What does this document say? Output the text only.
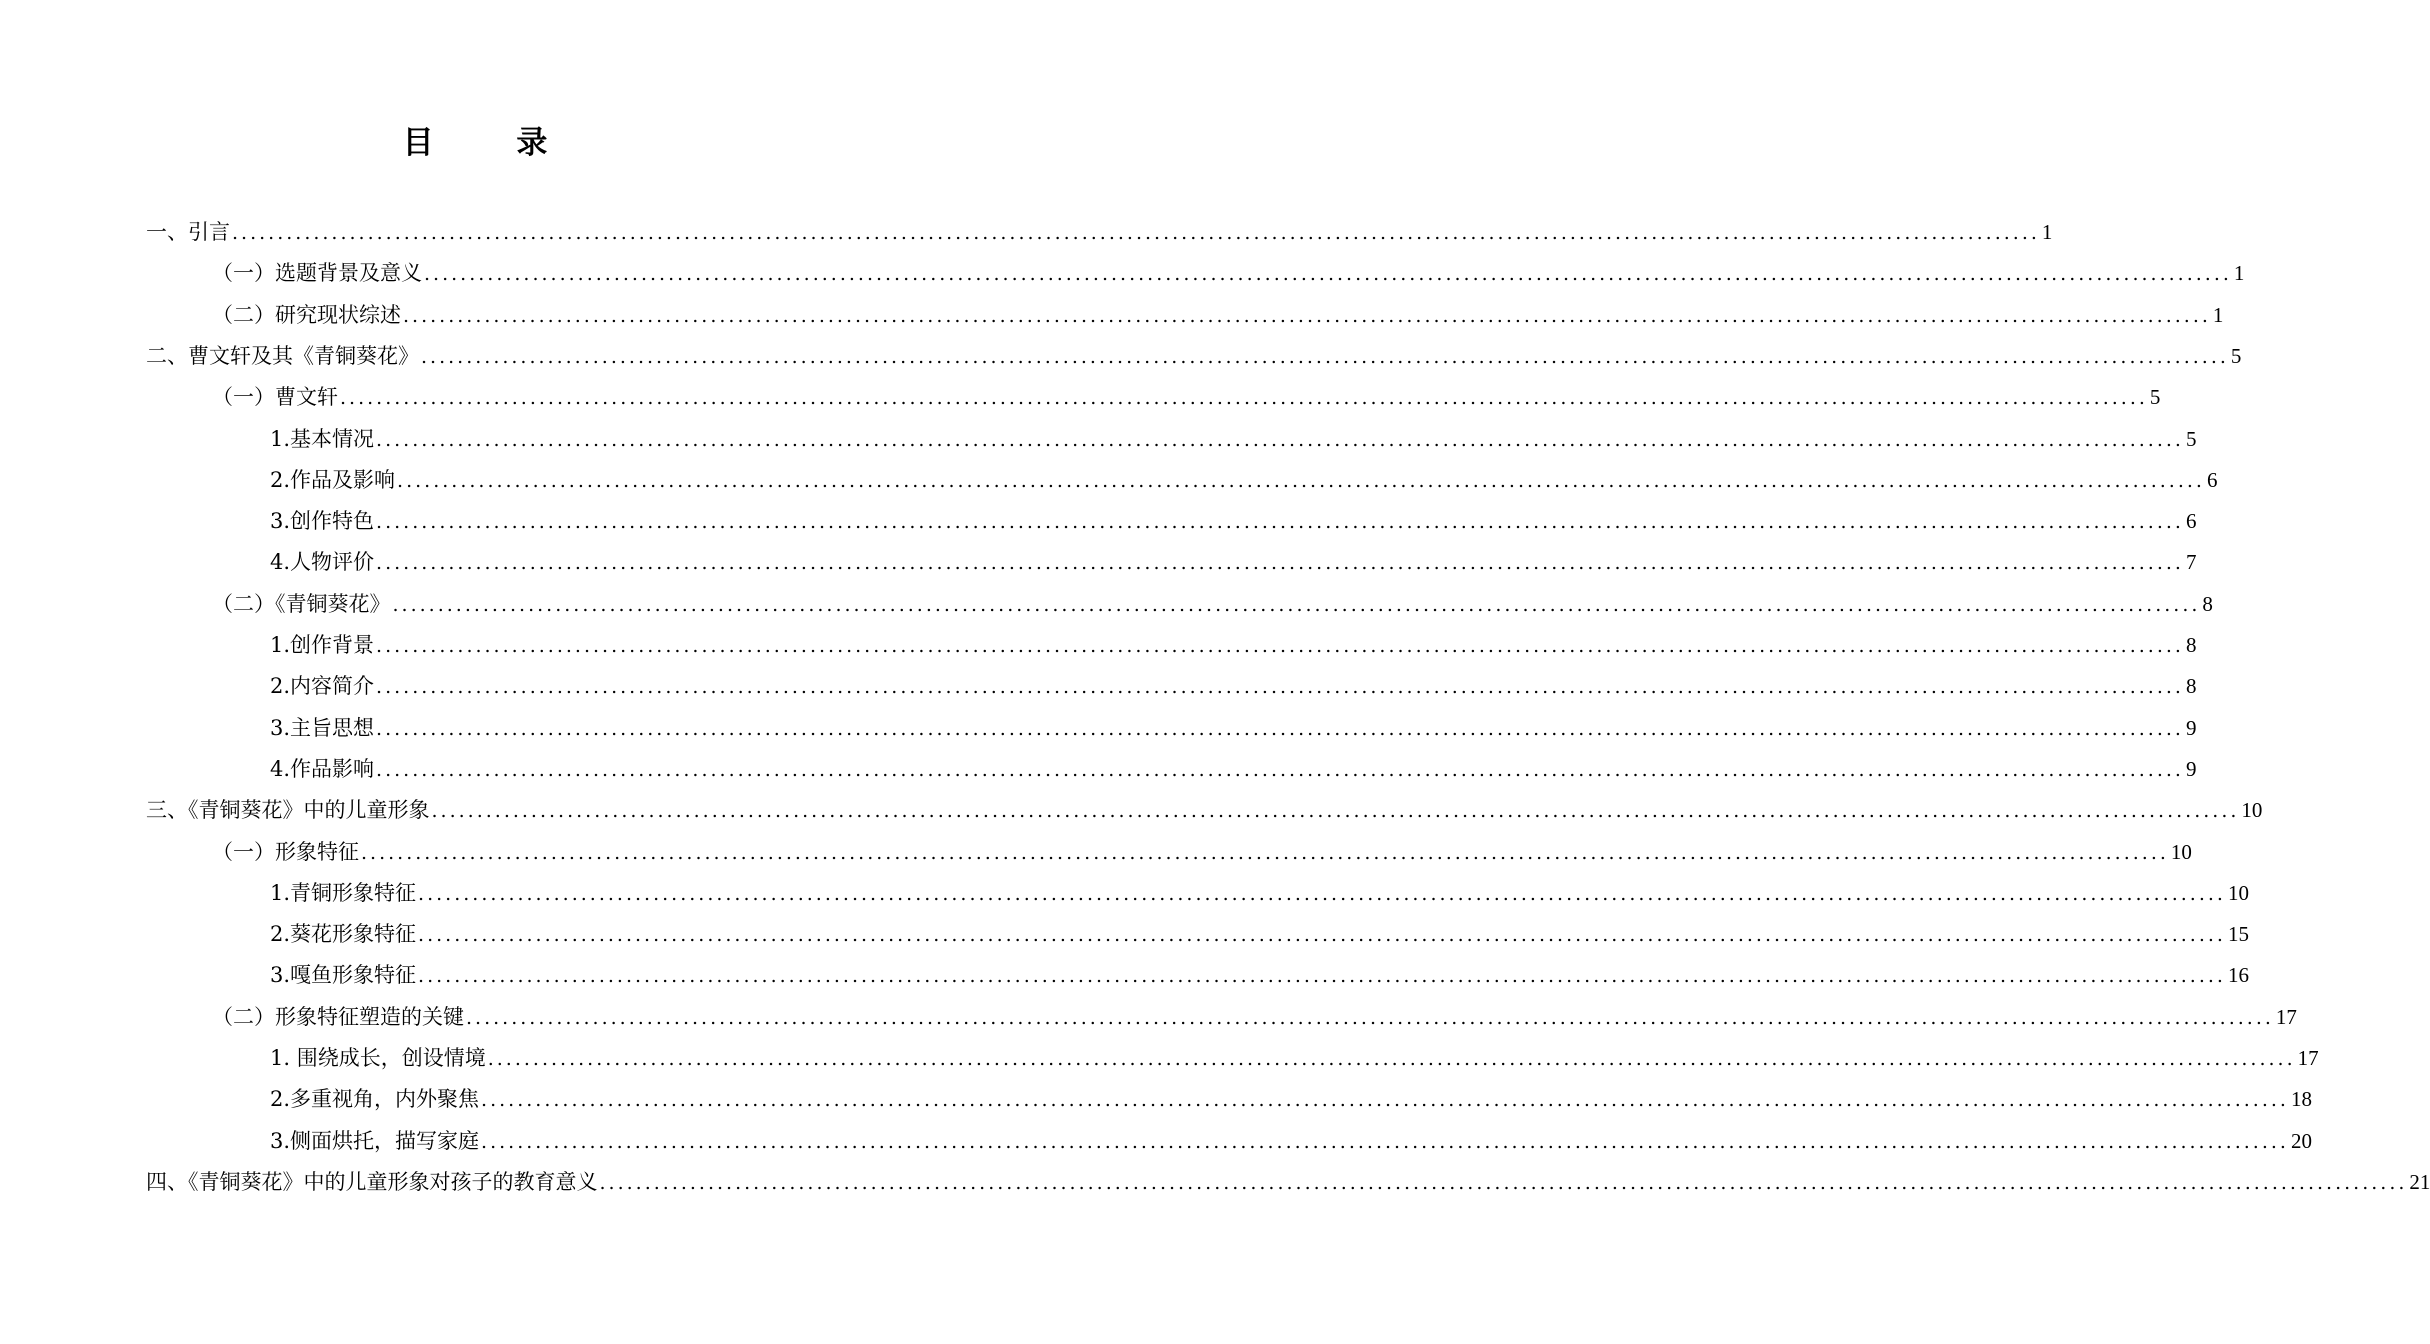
目 录
一、引言 ........................................................................................................................................................................................................ 1
（一）选题背景及意义 ........................................................................................................................................................................................................ 1
（二）研究现状综述 ........................................................................................................................................................................................................ 1
二、曹文轩及其《青铜葵花》 ........................................................................................................................................................................................................ 5
（一）曹文轩 ........................................................................................................................................................................................................ 5
1.基本情况 ........................................................................................................................................................................................................ 5
2.作品及影响 ........................................................................................................................................................................................................ 6
3.创作特色 ........................................................................................................................................................................................................ 6
4.人物评价 ........................................................................................................................................................................................................ 7
（二）《青铜葵花》 ........................................................................................................................................................................................................ 8
1.创作背景 ........................................................................................................................................................................................................ 8
2.内容简介 ........................................................................................................................................................................................................ 8
3.主旨思想 ........................................................................................................................................................................................................ 9
4.作品影响 ........................................................................................................................................................................................................ 9
三、《青铜葵花》中的儿童形象 ........................................................................................................................................................................................................ 10
（一）形象特征 ........................................................................................................................................................................................................ 10
1.青铜形象特征 ........................................................................................................................................................................................................ 10
2.葵花形象特征 ........................................................................................................................................................................................................ 15
3.嘎鱼形象特征 ........................................................................................................................................................................................................ 16
（二）形象特征塑造的关键 ........................................................................................................................................................................................................ 17
1. 围绕成长，创设情境 ........................................................................................................................................................................................................ 17
2.多重视角，内外聚焦 ........................................................................................................................................................................................................ 18
3.侧面烘托，描写家庭 ........................................................................................................................................................................................................ 20
四、《青铜葵花》中的儿童形象对孩子的教育意义 ........................................................................................................................................................................................................ 21
